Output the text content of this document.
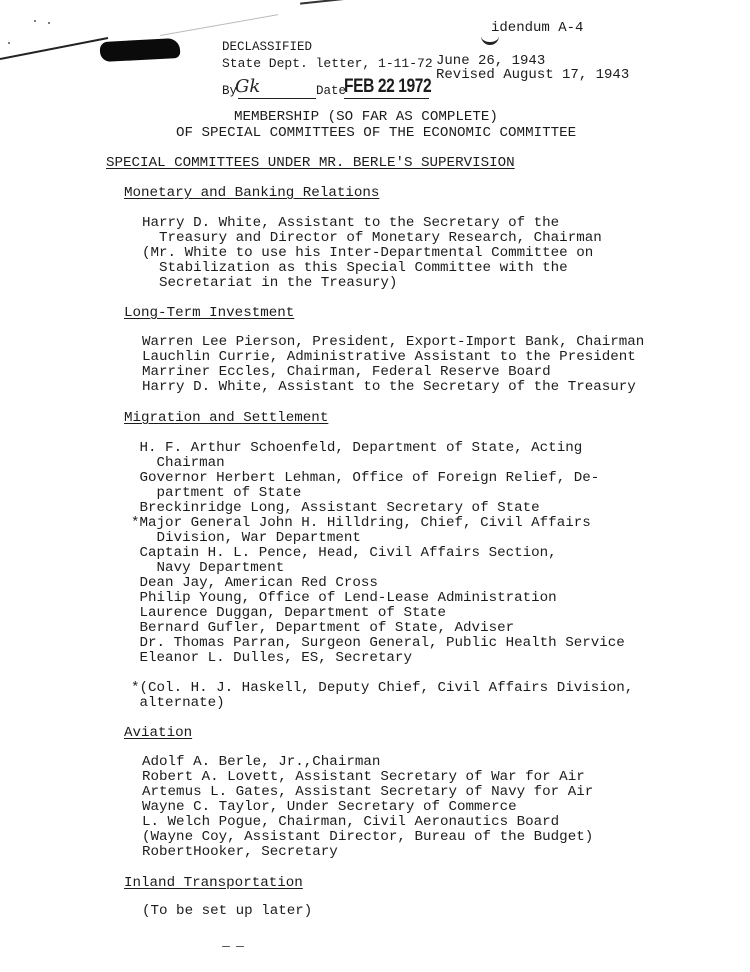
idendum A-4
DECLASSIFIED
State Dept. letter, 1-11-72 June 26, 1943
Revised August 17, 1943
By
Gk	Date
FEB 22 1972
MEMBERSHIP (SO FAR AS COMPLETE)
OF SPECIAL COMMITTEES OF THE ECONOMIC COMMITTEE
SPECIAL COMMITTEES UNDER MR. BERLE'S SUPERVISION
Monetary and Banking Relations
Harry D. White, Assistant to the Secretary of the
Treasury and Director of Monetary Research, Chairman
(Mr. White to use his Inter-Departmental Committee on
Stabilization as this Special Committee with the
Secretariat in the Treasury)
Long-Term Investment
Warren Lee Pierson, President, Export-Import Bank, Chairman
Lauchlin Currie, Administrative Assistant to the President
Marriner Eccles, Chairman, Federal Reserve Board
Harry D. White, Assistant to the Secretary of the Treasury
Migration and Settlement
H. F. Arthur Schoenfeld, Department of State, Acting
Chairman
Governor Herbert Lehman, Office of Foreign Relief, De-
partment of State
Breckinridge Long, Assistant Secretary of State
*Major General John H. Hilldring, Chief, Civil Affairs
Division, War Department
Captain H. L. Pence, Head, Civil Affairs Section,
Navy Department
Dean Jay, American Red Cross
Philip Young, Office of Lend-Lease Administration
Laurence Duggan, Department of State
Bernard Gufler, Department of State, Adviser
Dr. Thomas Parran, Surgeon General, Public Health Service
Eleanor L. Dulles, ES, Secretary
*(Col. H. J. Haskell, Deputy Chief, Civil Affairs Division,
alternate)
Aviation
Adolf A. Berle, Jr.,Chairman
Robert A. Lovett, Assistant Secretary of War for Air
Artemus L. Gates, Assistant Secretary of Navy for Air
Wayne C. Taylor, Under Secretary of Commerce
L. Welch Pogue, Chairman, Civil Aeronautics Board
(Wayne Coy, Assistant Director, Bureau of the Budget)
RobertHooker, Secretary
Inland Transportation
(To be set up later)
